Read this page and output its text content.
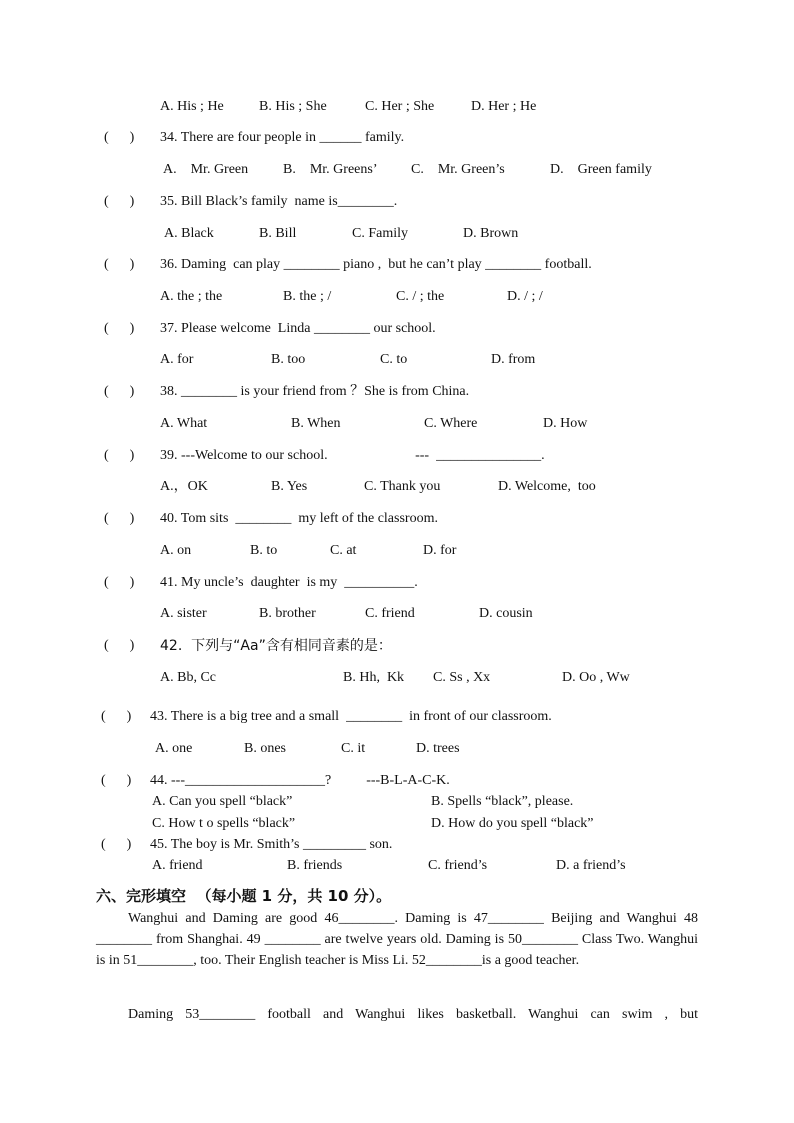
A. His ; He	B. His ; She	C. Her ; She	D. Her ; He
(      ) 34. There are four people in ______ family.
A.    Mr. Green B.    Mr. Greens’ C.    Mr. Green’s	D.    Green family
(      ) 35. Bill Black’s family  name is________.
A. Black	B. Bill	C. Family	D. Brown
(      ) 36. Daming  can play ________ piano ,  but he can’t play ________ football.
A. the ; the	B. the ; /	C. / ; the	D. / ; /
(      ) 37. Please welcome  Linda ________ our school.
A. for	B. too	C. to	D. from
(      ) 38. ________ is your friend from ？She is from China.
A. What	B. When	C. Where	D. How
(      ) 39. ---Welcome to our school.                         ---  _______________.
A.，OK	B. Yes	C. Thank you	D. Welcome,  too
(      ) 40. Tom sits  ________  my left of the classroom.
A. on	B. to	C. at	D. for
(      ) 41. My uncle’s  daughter  is my  __________.
A. sister	B. brother	C. friend	D. cousin
(      ) 42.  下列与“Aa”含有相同音素的是：
A. Bb, Cc	B. Hh,  Kk C. Ss , Xx	D. Oo , Ww
(      ) 43. There is a big tree and a small  ________  in front of our classroom.
A. one	B. ones	C. it	D. trees
(      ) 44. ---____________________?          ---B-L-A-C-K.
A. Can you spell “black”	B. Spells “black”, please.
C. How t o spells “black”	D. How do you spell “black”
(      ) 45. The boy is Mr. Smith’s _________ son.
A. friend	B. friends	C. friend’s	D. a friend’s
六、完形填空  （每小题 1 分，共 10 分）。
Wanghui and Daming are good 46________. Daming is 47________ Beijing and Wanghui 48 ________ from Shanghai. 49 ________ are twelve years old. Daming is 50________ Class Two. Wanghui is in 51________, too. Their English teacher is Miss Li. 52________is a good teacher.
Daming 53________ football and Wanghui likes basketball. Wanghui can swim , but
